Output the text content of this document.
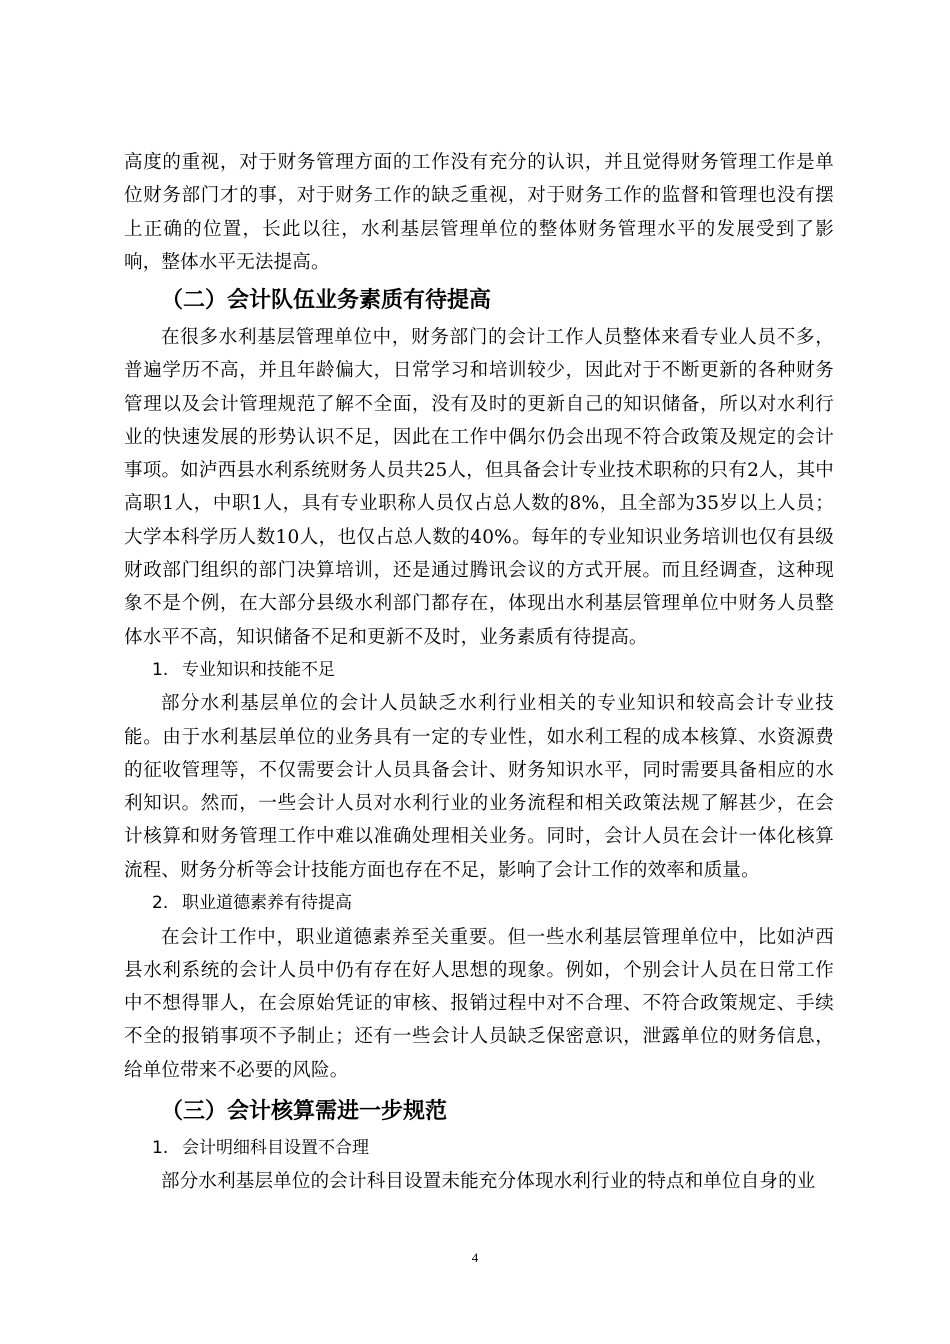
高度的重视，对于财务管理方面的工作没有充分的认识，并且觉得财务管理工作是单位财务部门才的事，对于财务工作的缺乏重视，对于财务工作的监督和管理也没有摆上正确的位置，长此以往，水利基层管理单位的整体财务管理水平的发展受到了影响，整体水平无法提高。

（二）会计队伍业务素质有待提高

在很多水利基层管理单位中，财务部门的会计工作人员整体来看专业人员不多，普遍学历不高，并且年龄偏大，日常学习和培训较少，因此对于不断更新的各种财务管理以及会计管理规范了解不全面，没有及时的更新自己的知识储备，所以对水利行业的快速发展的形势认识不足，因此在工作中偶尔仍会出现不符合政策及规定的会计事项。如泸西县水利系统财务人员共25人，但具备会计专业技术职称的只有2人，其中高职1人，中职1人，具有专业职称人员仅占总人数的8%，且全部为35岁以上人员；大学本科学历人数10人，也仅占总人数的40%。每年的专业知识业务培训也仅有县级财政部门组织的部门决算培训，还是通过腾讯会议的方式开展。而且经调查，这种现象不是个例，在大部分县级水利部门都存在，体现出水利基层管理单位中财务人员整体水平不高，知识储备不足和更新不及时，业务素质有待提高。

1. 专业知识和技能不足

部分水利基层单位的会计人员缺乏水利行业相关的专业知识和较高会计专业技能。由于水利基层单位的业务具有一定的专业性，如水利工程的成本核算、水资源费的征收管理等，不仅需要会计人员具备会计、财务知识水平，同时需要具备相应的水利知识。然而，一些会计人员对水利行业的业务流程和相关政策法规了解甚少，在会计核算和财务管理工作中难以准确处理相关业务。同时，会计人员在会计一体化核算流程、财务分析等会计技能方面也存在不足，影响了会计工作的效率和质量。

2. 职业道德素养有待提高

在会计工作中，职业道德素养至关重要。但一些水利基层管理单位中，比如泸西县水利系统的会计人员中仍有存在好人思想的现象。例如，个别会计人员在日常工作中不想得罪人，在会原始凭证的审核、报销过程中对不合理、不符合政策规定、手续不全的报销事项不予制止；还有一些会计人员缺乏保密意识，泄露单位的财务信息，给单位带来不必要的风险。

（三）会计核算需进一步规范
1. 会计明细科目设置不合理

部分水利基层单位的会计科目设置未能充分体现水利行业的特点和单位自身的业

4
